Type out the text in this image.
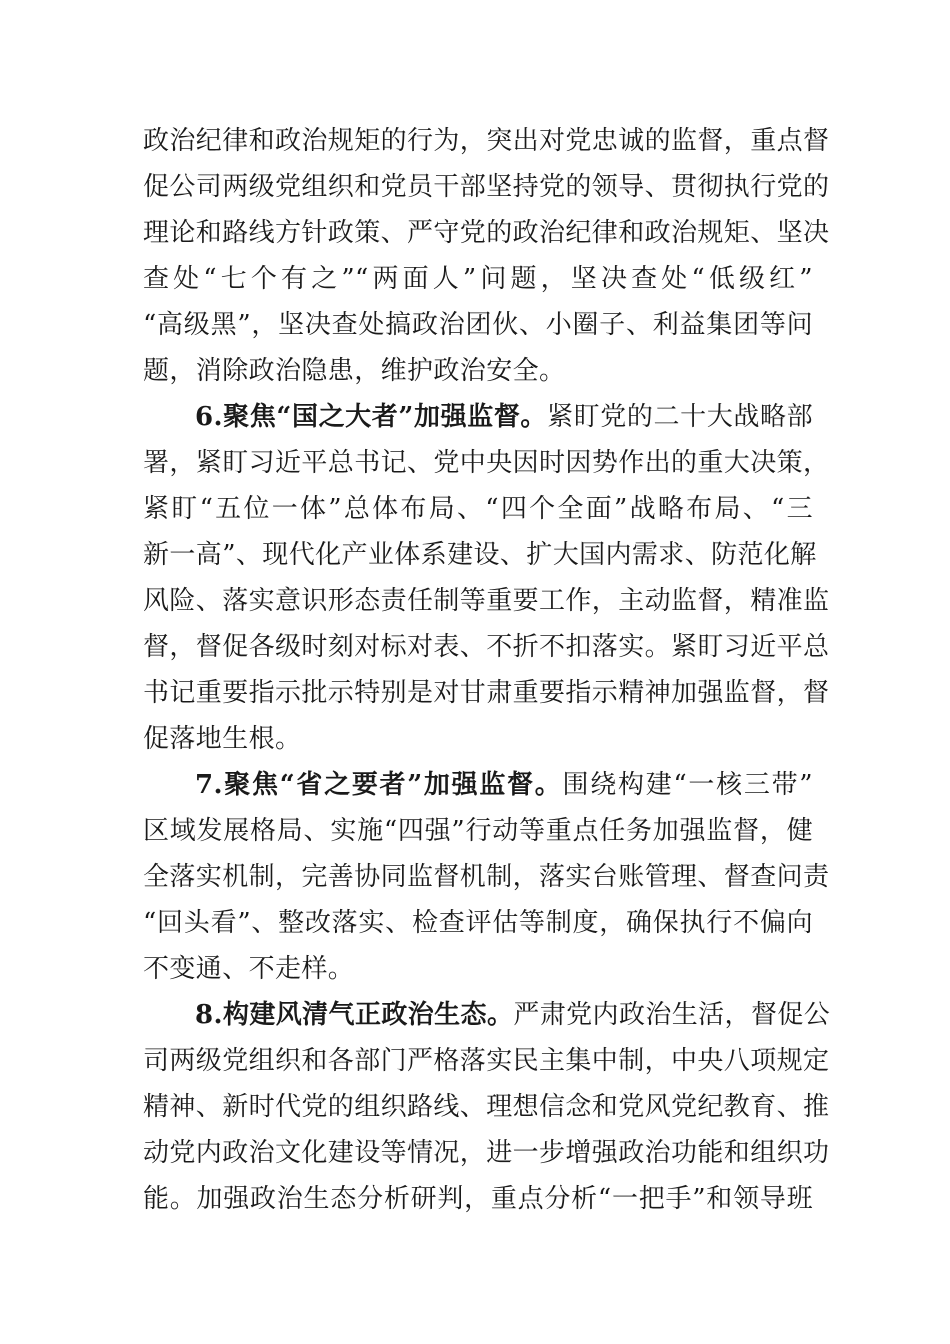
政治纪律和政治规矩的行为，突出对党忠诚的监督，重点督
促公司两级党组织和党员干部坚持党的领导、贯彻执行党的
理论和路线方针政策、严守党的政治纪律和政治规矩、坚决
查处“七个有之”“两面人”问题，坚决查处“低级红”
“高级黑”，坚决查处搞政治团伙、小圈子、利益集团等问
题，消除政治隐患，维护政治安全。
6.聚焦“国之大者”加强监督。紧盯党的二十大战略部
署，紧盯习近平总书记、党中央因时因势作出的重大决策，
紧盯“五位一体”总体布局、“四个全面”战略布局、“三
新一高”、现代化产业体系建设、扩大国内需求、防范化解
风险、落实意识形态责任制等重要工作，主动监督，精准监
督，督促各级时刻对标对表、不折不扣落实。紧盯习近平总
书记重要指示批示特别是对甘肃重要指示精神加强监督，督
促落地生根。
7.聚焦“省之要者”加强监督。围绕构建“一核三带”
区域发展格局、实施“四强”行动等重点任务加强监督，健
全落实机制，完善协同监督机制，落实台账管理、督查问责
“回头看”、整改落实、检查评估等制度，确保执行不偏向
不变通、不走样。
8.构建风清气正政治生态。严肃党内政治生活，督促公
司两级党组织和各部门严格落实民主集中制，中央八项规定
精神、新时代党的组织路线、理想信念和党风党纪教育、推
动党内政治文化建设等情况，进一步增强政治功能和组织功
能。加强政治生态分析研判，重点分析“一把手”和领导班
